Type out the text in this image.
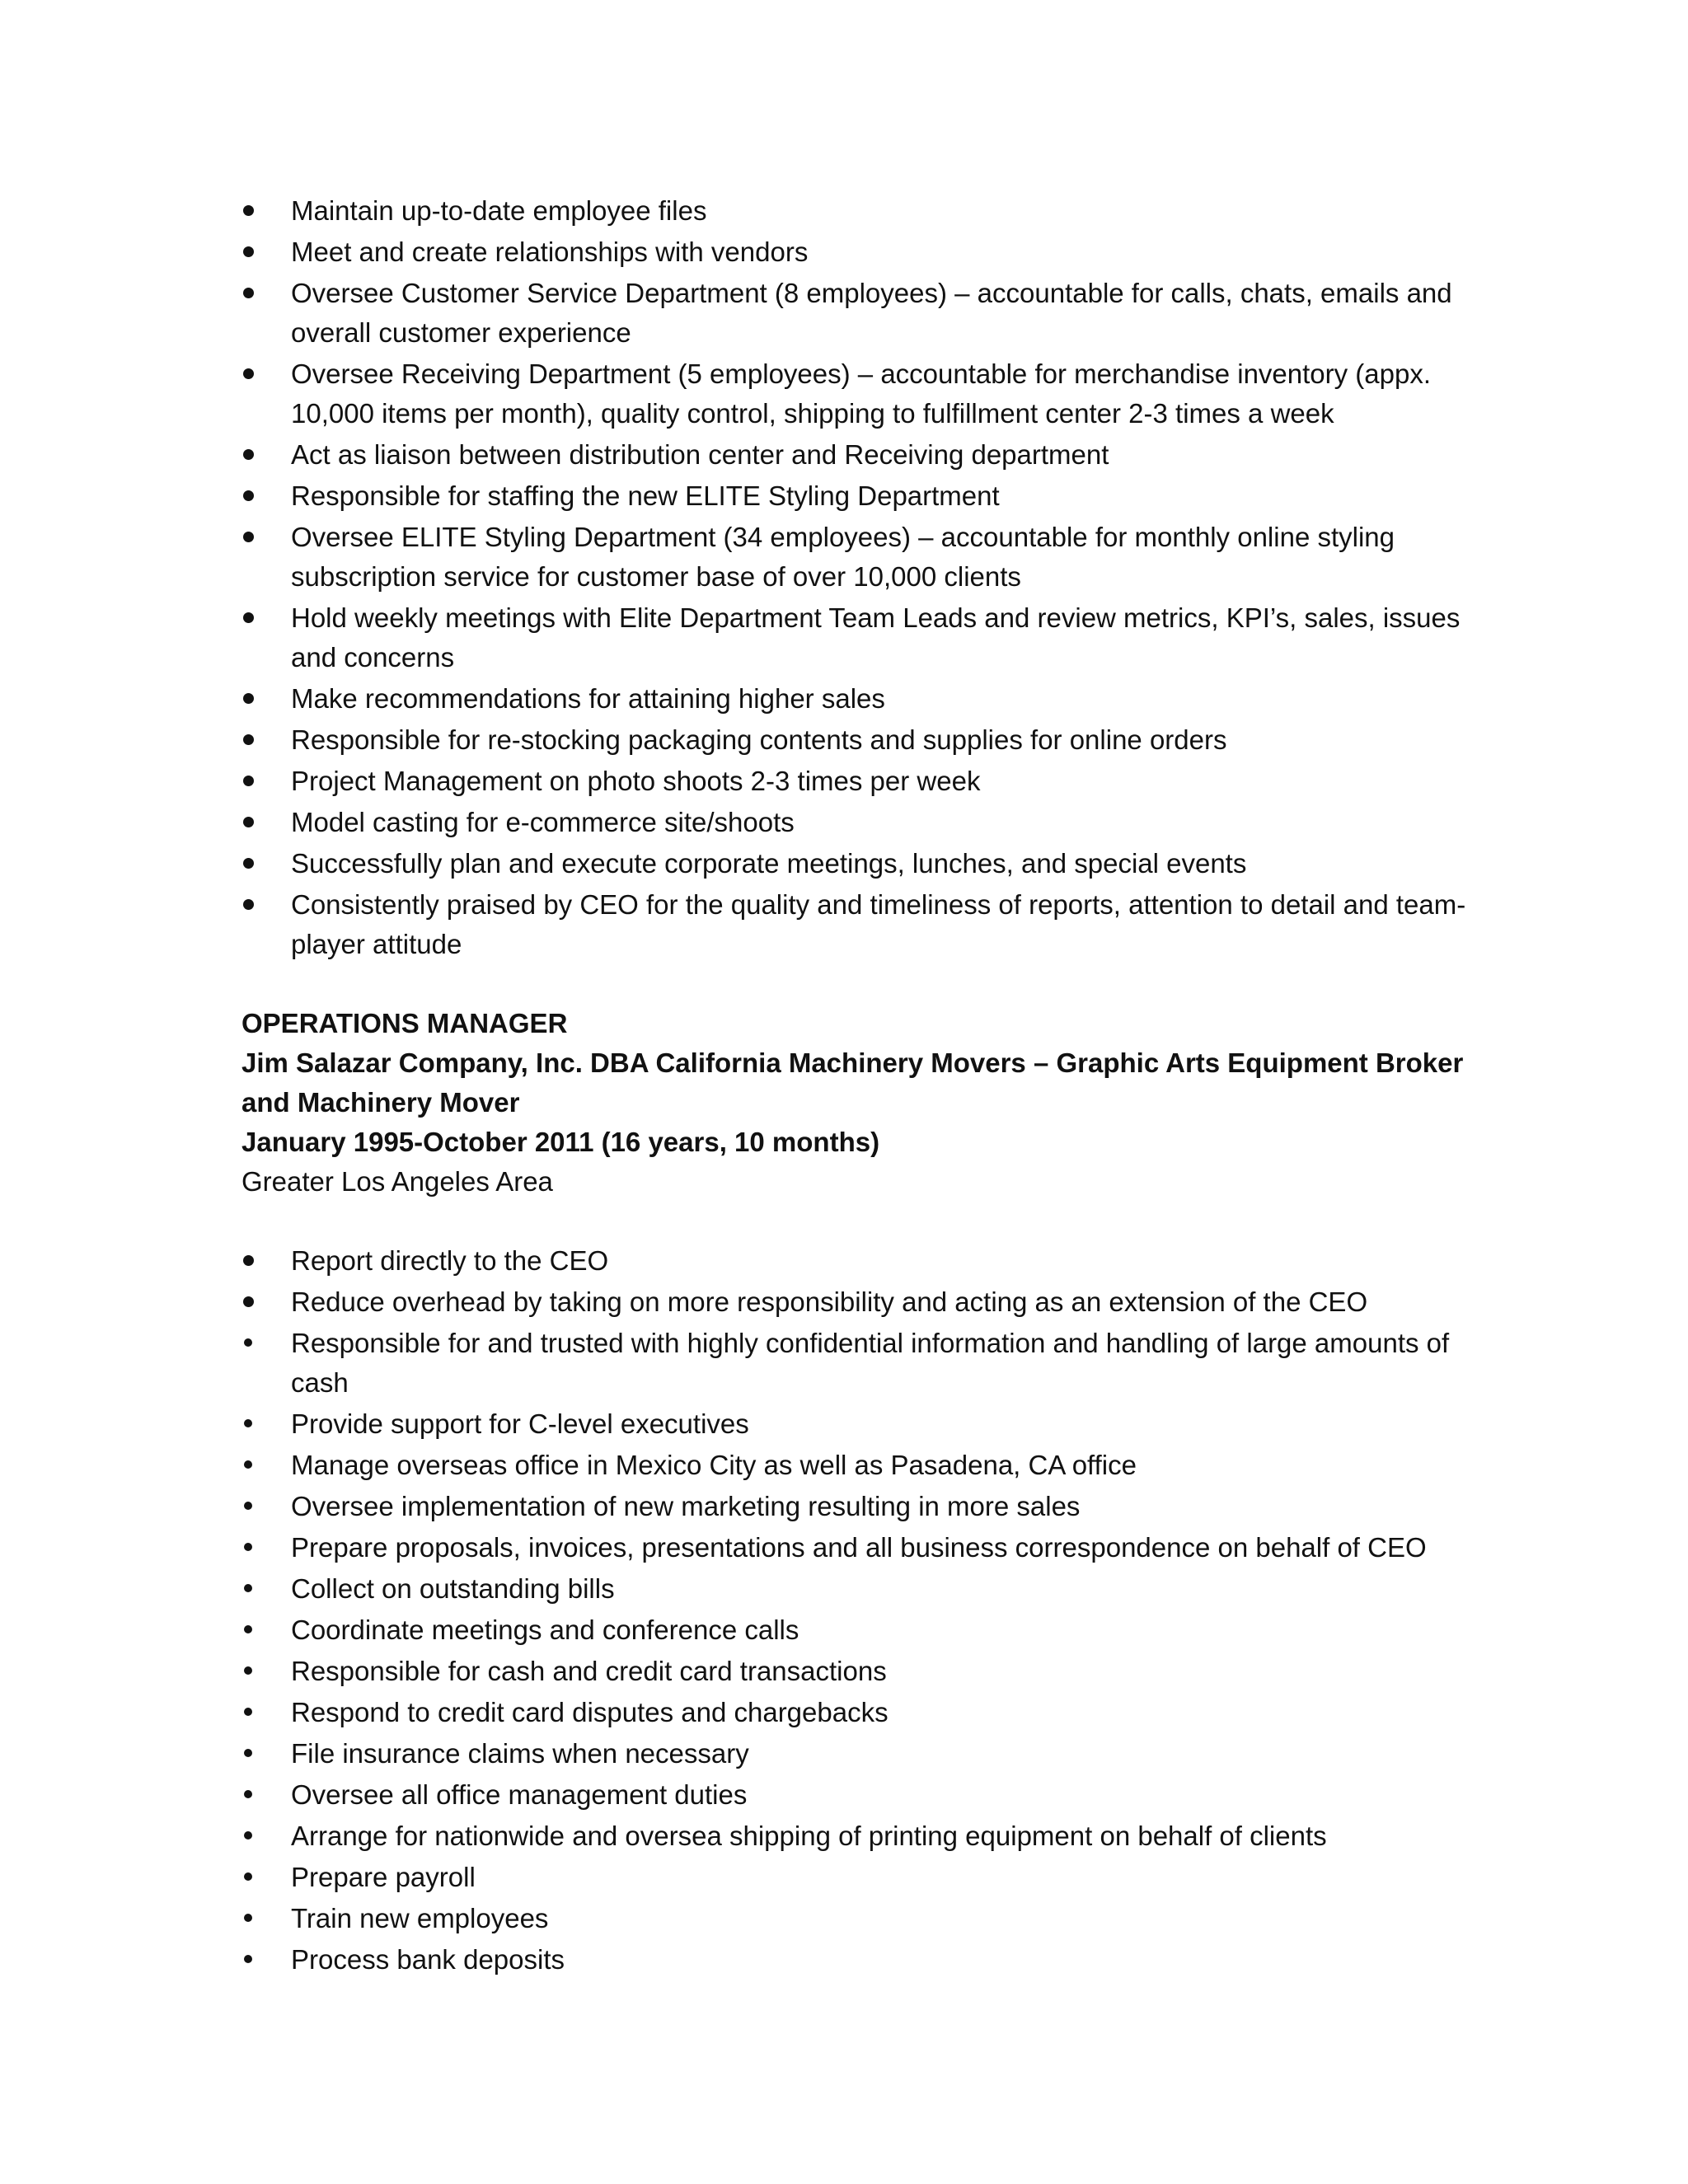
Maintain up-to-date employee files
Meet and create relationships with vendors
Oversee Customer Service Department (8 employees) – accountable for calls, chats, emails and overall customer experience
Oversee Receiving Department (5 employees) – accountable for merchandise inventory (appx. 10,000 items per month), quality control, shipping to fulfillment center 2-3 times a week
Act as liaison between distribution center and Receiving department
Responsible for staffing the new ELITE Styling Department
Oversee ELITE Styling Department (34 employees) – accountable for monthly online styling subscription service for customer base of over 10,000 clients
Hold weekly meetings with Elite Department Team Leads and review metrics, KPI’s, sales, issues and concerns
Make recommendations for attaining higher sales
Responsible for re-stocking packaging contents and supplies for online orders
Project Management on photo shoots 2-3 times per week
Model casting for e-commerce site/shoots
Successfully plan and execute corporate meetings, lunches, and special events
Consistently praised by CEO for the quality and timeliness of reports, attention to detail and team-player attitude
OPERATIONS MANAGER
Jim Salazar Company, Inc. DBA California Machinery Movers – Graphic Arts Equipment Broker and Machinery Mover
January 1995-October 2011 (16 years, 10 months)
Greater Los Angeles Area
Report directly to the CEO
Reduce overhead by taking on more responsibility and acting as an extension of the CEO
Responsible for and trusted with highly confidential information and handling of large amounts of cash
Provide support for C-level executives
Manage overseas office in Mexico City as well as Pasadena, CA office
Oversee implementation of new marketing resulting in more sales
Prepare proposals, invoices, presentations and all business correspondence on behalf of CEO
Collect on outstanding bills
Coordinate meetings and conference calls
Responsible for cash and credit card transactions
Respond to credit card disputes and chargebacks
File insurance claims when necessary
Oversee all office management duties
Arrange for nationwide and oversea shipping of printing equipment on behalf of clients
Prepare payroll
Train new employees
Process bank deposits
